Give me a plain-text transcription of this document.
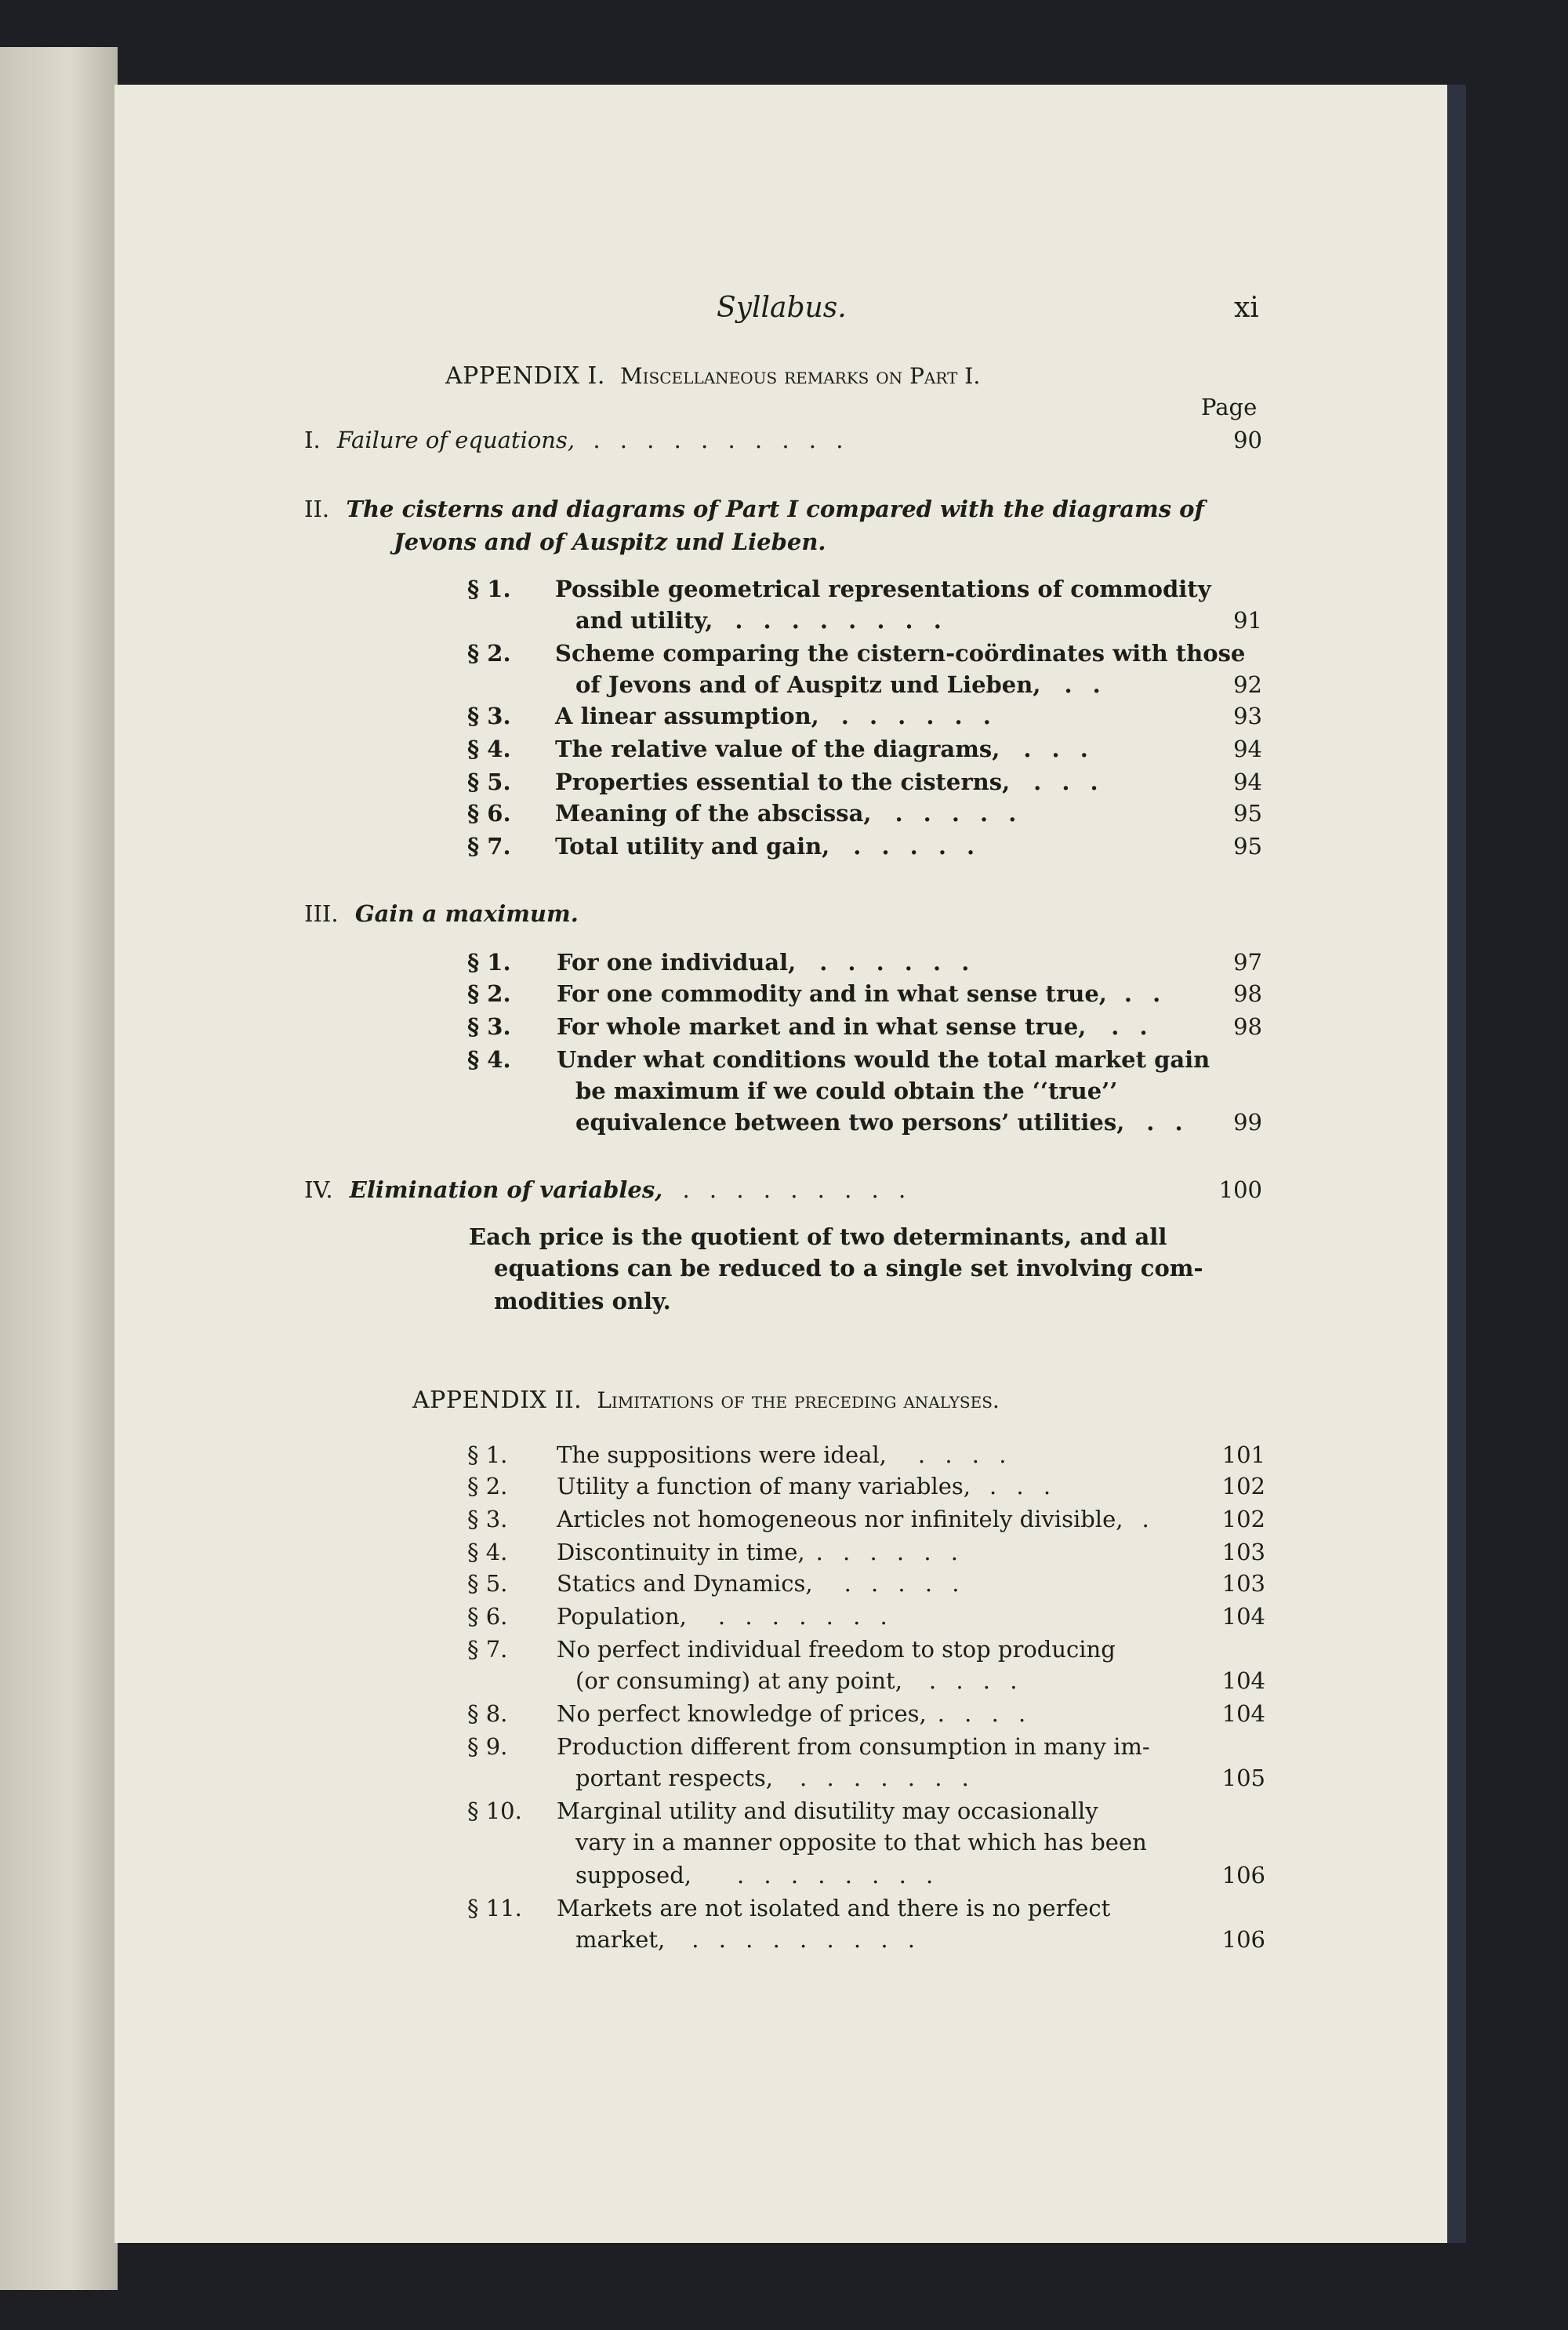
Syllabus.	xi
APPENDIX I. Miscellaneous remarks on Part I.
Page
I. Failure of equations, . . . . . . . . . .	90
II. The cisterns and diagrams of Part I compared with the diagrams of
Jevons and of Auspitz und Lieben.
§ 1. Possible geometrical representations of commodity
and utility, . . . . . . . .	91
§ 2. Scheme comparing the cistern-coördinates with those
of Jevons and of Auspitz und Lieben, . .	92
§ 3. A linear assumption, . . . . . .	93
§ 4. The relative value of the diagrams, . . .	94
§ 5. Properties essential to the cisterns, . . .	94
§ 6. Meaning of the abscissa, . . . . .	95
§ 7. Total utility and gain, . . . . .	95
III. Gain a maximum.
§ 1. For one individual, . . . . . .	97
§ 2. For one commodity and in what sense true, . .	98
§ 3. For whole market and in what sense true, . .	98
§ 4. Under what conditions would the total market gain
be maximum if we could obtain the ‘‘true’’
equivalence between two persons’ utilities, . .	99
IV. Elimination of variables, . . . . . . . . .	100
Each price is the quotient of two determinants, and all
equations can be reduced to a single set involving com-
modities only.
APPENDIX II. Limitations of the preceding analyses.
§ 1. The suppositions were ideal, . . . .	101
§ 2. Utility a function of many variables, . . .	102
§ 3. Articles not homogeneous nor infinitely divisible, .	102
§ 4. Discontinuity in time, . . . . . .	103
§ 5. Statics and Dynamics, . . . . .	103
§ 6. Population, . . . . . . .	104
§ 7. No perfect individual freedom to stop producing
(or consuming) at any point, . . . .	104
§ 8. No perfect knowledge of prices, . . . .	104
§ 9. Production different from consumption in many im-
portant respects, . . . . . . .	105
§ 10. Marginal utility and disutility may occasionally
vary in a manner opposite to that which has been
supposed, . . . . . . . .	106
§ 11. Markets are not isolated and there is no perfect
market, . . . . . . . . .	106
